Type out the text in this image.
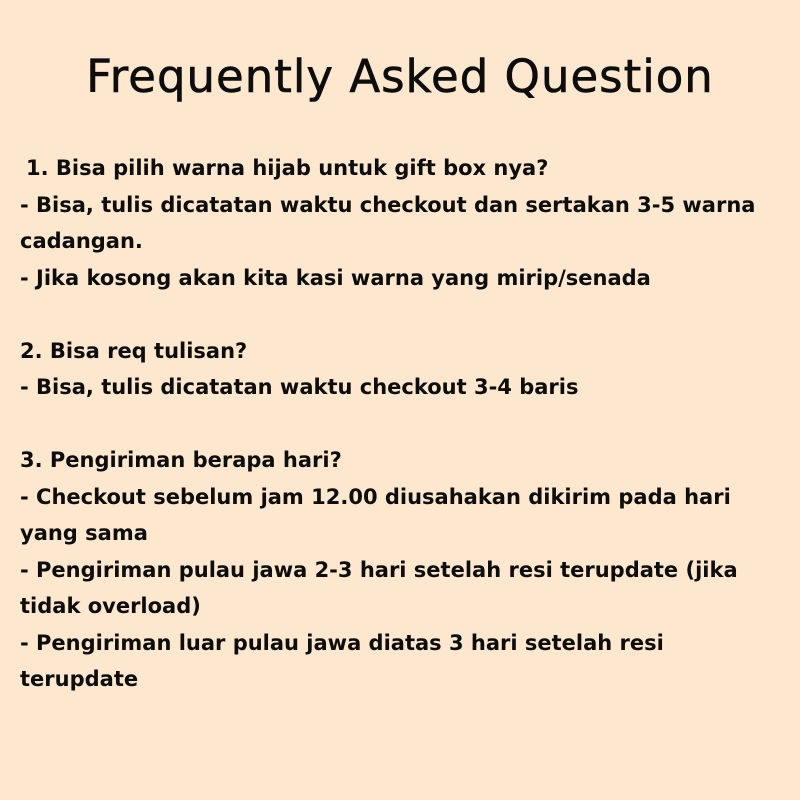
Frequently Asked Question
1. Bisa pilih warna hijab untuk gift box nya?
- Bisa, tulis dicatatan waktu checkout dan sertakan 3-5 warna cadangan.
- Jika kosong akan kita kasi warna yang mirip/senada
2. Bisa req tulisan?
- Bisa, tulis dicatatan waktu checkout 3-4 baris
3. Pengiriman berapa hari?
- Checkout sebelum jam 12.00 diusahakan dikirim pada hari yang sama
- Pengiriman pulau jawa 2-3 hari setelah resi terupdate (jika tidak overload)
- Pengiriman luar pulau jawa diatas 3 hari setelah resi terupdate
